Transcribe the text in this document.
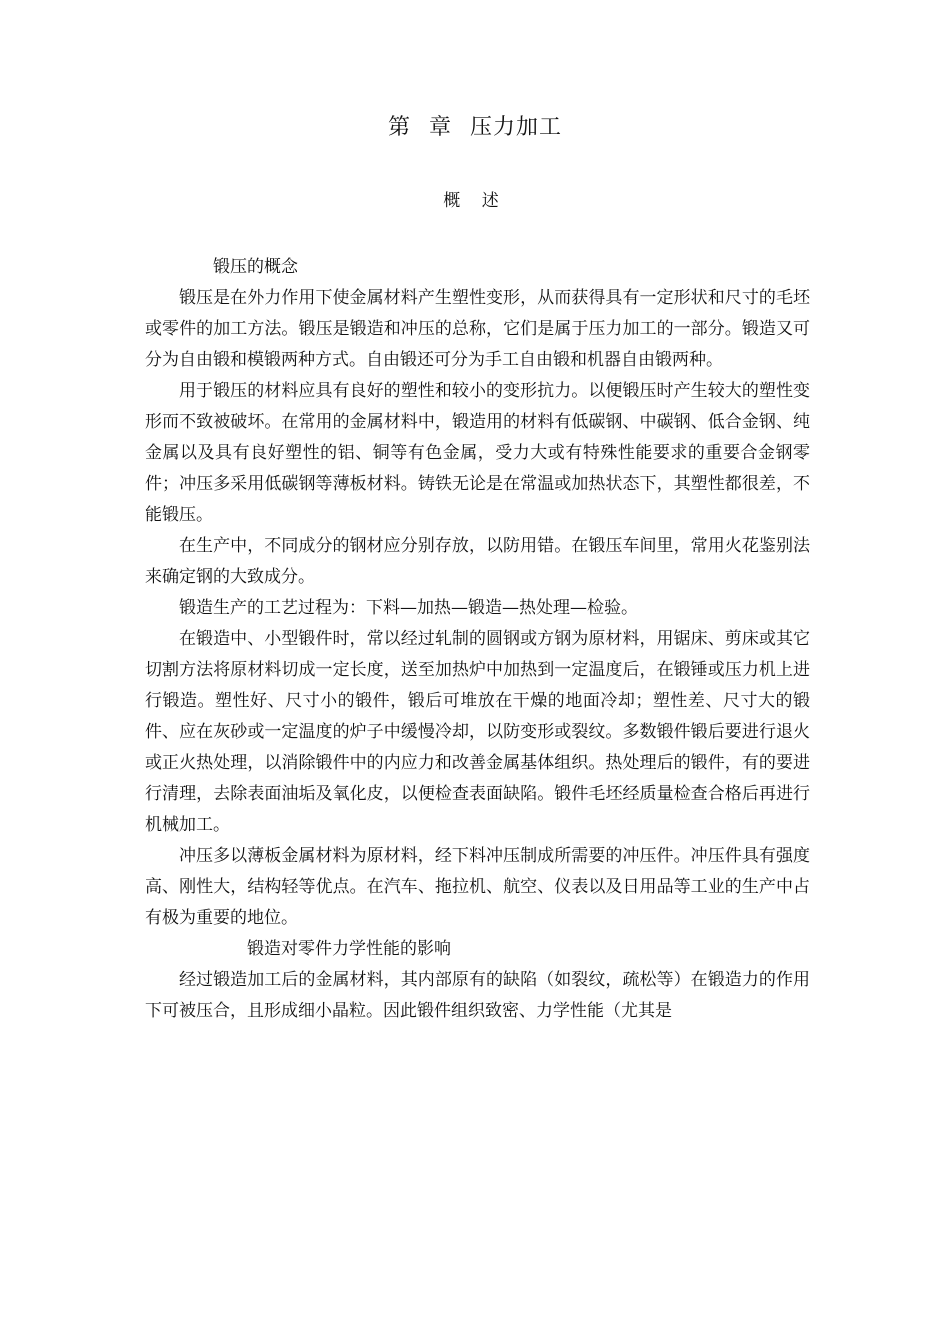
第 章 压力加工
概 述

锻压的概念

锻压是在外力作用下使金属材料产生塑性变形，从而获得具有一定形状和尺寸的毛坯或零件的加工方法。锻压是锻造和冲压的总称，它们是属于压力加工的一部分。锻造又可分为自由锻和模锻两种方式。自由锻还可分为手工自由锻和机器自由锻两种。

用于锻压的材料应具有良好的塑性和较小的变形抗力。以便锻压时产生较大的塑性变形而不致被破坏。在常用的金属材料中，锻造用的材料有低碳钢、中碳钢、低合金钢、纯金属以及具有良好塑性的铝、铜等有色金属，受力大或有特殊性能要求的重要合金钢零件；冲压多采用低碳钢等薄板材料。铸铁无论是在常温或加热状态下，其塑性都很差，不能锻压。

在生产中，不同成分的钢材应分别存放，以防用错。在锻压车间里，常用火花鉴别法来确定钢的大致成分。

锻造生产的工艺过程为：下料—加热—锻造—热处理—检验。

在锻造中、小型锻件时，常以经过轧制的圆钢或方钢为原材料，用锯床、剪床或其它切割方法将原材料切成一定长度，送至加热炉中加热到一定温度后，在锻锤或压力机上进行锻造。塑性好、尺寸小的锻件，锻后可堆放在干燥的地面冷却；塑性差、尺寸大的锻件、应在灰砂或一定温度的炉子中缓慢冷却，以防变形或裂纹。多数锻件锻后要进行退火或正火热处理，以消除锻件中的内应力和改善金属基体组织。热处理后的锻件，有的要进行清理，去除表面油垢及氧化皮，以便检查表面缺陷。锻件毛坯经质量检查合格后再进行机械加工。

冲压多以薄板金属材料为原材料，经下料冲压制成所需要的冲压件。冲压件具有强度高、刚性大，结构轻等优点。在汽车、拖拉机、航空、仪表以及日用品等工业的生产中占有极为重要的地位。

锻造对零件力学性能的影响

经过锻造加工后的金属材料，其内部原有的缺陷（如裂纹，疏松等）在锻造力的作用下可被压合，且形成细小晶粒。因此锻件组织致密、力学性能（尤其是
